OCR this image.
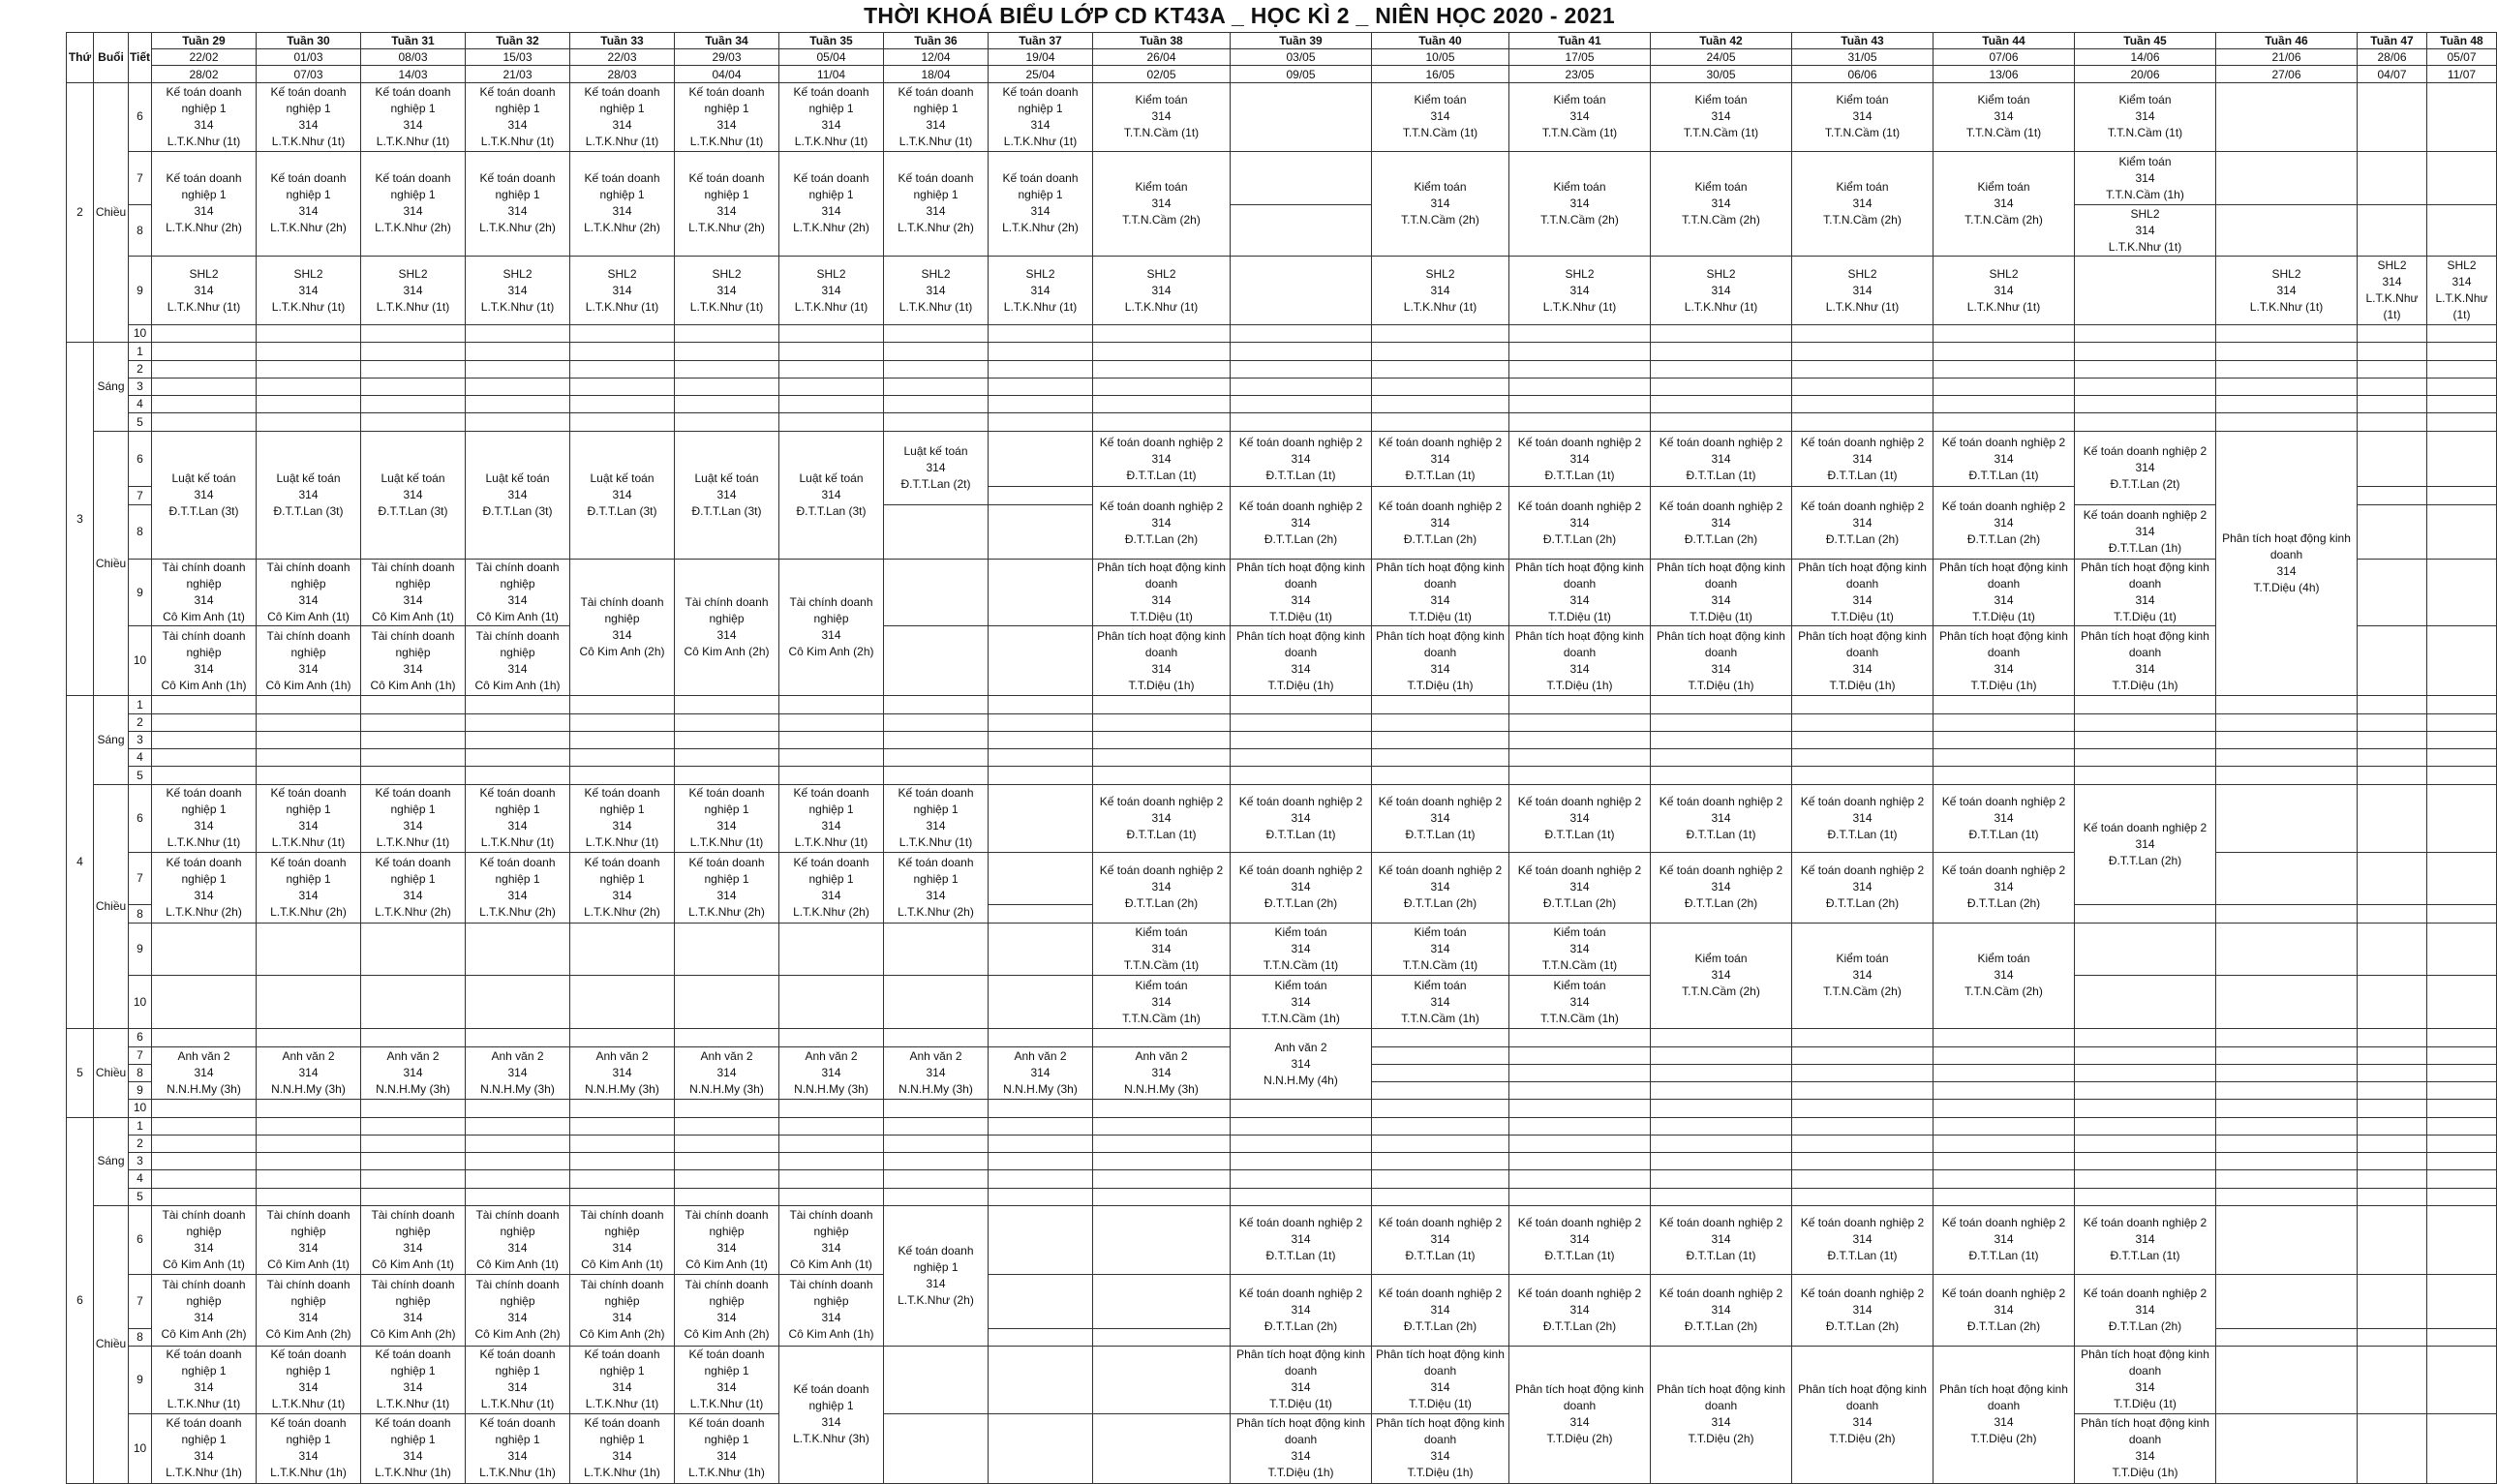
THỜI KHOÁ BIỂU LỚP CD KT43A _ HỌC KÌ 2 _ NIÊN HỌC 2020 - 2021
Thứ	Buổi	Tiết	Tuần 29	Tuần 30	Tuần 31	Tuần 32	Tuần 33	Tuần 34	Tuần 35	Tuần 36	Tuần 37	Tuần 38	Tuần 39	Tuần 40	Tuần 41	Tuần 42	Tuần 43	Tuần 44	Tuần 45	Tuần 46	Tuần 47	Tuần 48
			22/02	01/03	08/03	15/03	22/03	29/03	05/04	12/04	19/04	26/04	03/05	10/05	17/05	24/05	31/05	07/06	14/06	21/06	28/06	05/07
			28/02	07/03	14/03	21/03	28/03	04/04	11/04	18/04	25/04	02/05	09/05	16/05	23/05	30/05	06/06	13/06	20/06	27/06	04/07	11/07
2	Chiều	6	Kế toán doanh
nghiệp 1
314
L.T.K.Như (1t)	Kế toán doanh
nghiệp 1
314
L.T.K.Như (1t)	Kế toán doanh
nghiệp 1
314
L.T.K.Như (1t)	Kế toán doanh
nghiệp 1
314
L.T.K.Như (1t)	Kế toán doanh
nghiệp 1
314
L.T.K.Như (1t)	Kế toán doanh
nghiệp 1
314
L.T.K.Như (1t)	Kế toán doanh
nghiệp 1
314
L.T.K.Như (1t)	Kế toán doanh
nghiệp 1
314
L.T.K.Như (1t)	Kế toán doanh
nghiệp 1
314
L.T.K.Như (1t)	Kiểm toán
314
T.T.N.Cầm (1t)		Kiểm toán
314
T.T.N.Cầm (1t)	Kiểm toán
314
T.T.N.Cầm (1t)	Kiểm toán
314
T.T.N.Cầm (1t)	Kiểm toán
314
T.T.N.Cầm (1t)	Kiểm toán
314
T.T.N.Cầm (1t)	Kiểm toán
314
T.T.N.Cầm (1t)			

		7	Kế toán doanh
nghiệp 1
314
L.T.K.Như (2h)	Kế toán doanh
nghiệp 1
314
L.T.K.Như (2h)	Kế toán doanh
nghiệp 1
314
L.T.K.Như (2h)	Kế toán doanh
nghiệp 1
314
L.T.K.Như (2h)	Kế toán doanh
nghiệp 1
314
L.T.K.Như (2h)	Kế toán doanh
nghiệp 1
314
L.T.K.Như (2h)	Kế toán doanh
nghiệp 1
314
L.T.K.Như (2h)	Kế toán doanh
nghiệp 1
314
L.T.K.Như (2h)	Kế toán doanh
nghiệp 1
314
L.T.K.Như (2h)	Kiểm toán
314
T.T.N.Cầm (2h)		Kiểm toán
314
T.T.N.Cầm (2h)	Kiểm toán
314
T.T.N.Cầm (2h)	Kiểm toán
314
T.T.N.Cầm (2h)	Kiểm toán
314
T.T.N.Cầm (2h)	Kiểm toán
314
T.T.N.Cầm (2h)	Kiểm toán
314
T.T.N.Cầm (1h)			

		8																	SHL2
314
L.T.K.Như (1t)			

		9	SHL2
314
L.T.K.Như (1t)	SHL2
314
L.T.K.Như (1t)	SHL2
314
L.T.K.Như (1t)	SHL2
314
L.T.K.Như (1t)	SHL2
314
L.T.K.Như (1t)	SHL2
314
L.T.K.Như (1t)	SHL2
314
L.T.K.Như (1t)	SHL2
314
L.T.K.Như (1t)	SHL2
314
L.T.K.Như (1t)	SHL2
314
L.T.K.Như (1t)		SHL2
314
L.T.K.Như (1t)	SHL2
314
L.T.K.Như (1t)	SHL2
314
L.T.K.Như (1t)	SHL2
314
L.T.K.Như (1t)	SHL2
314
L.T.K.Như (1t)		SHL2
314
L.T.K.Như (1t)	SHL2
314
L.T.K.Như
(1t)	SHL2
314
L.T.K.Như
(1t)

		10																				
3	Sáng	1																				
		2																				
		3																				
		4																				
		5																				
	Chiều	6	Luật kế toán
314
Đ.T.T.Lan (3t)	Luật kế toán
314
Đ.T.T.Lan (3t)	Luật kế toán
314
Đ.T.T.Lan (3t)	Luật kế toán
314
Đ.T.T.Lan (3t)	Luật kế toán
314
Đ.T.T.Lan (3t)	Luật kế toán
314
Đ.T.T.Lan (3t)	Luật kế toán
314
Đ.T.T.Lan (3t)	Luật kế toán
314
Đ.T.T.Lan (2t)		Kế toán doanh nghiệp 2
314
Đ.T.T.Lan (1t)	Kế toán doanh nghiệp 2
314
Đ.T.T.Lan (1t)	Kế toán doanh nghiệp 2
314
Đ.T.T.Lan (1t)	Kế toán doanh nghiệp 2
314
Đ.T.T.Lan (1t)	Kế toán doanh nghiệp 2
314
Đ.T.T.Lan (1t)	Kế toán doanh nghiệp 2
314
Đ.T.T.Lan (1t)	Kế toán doanh nghiệp 2
314
Đ.T.T.Lan (1t)	Kế toán doanh nghiệp 2
314
Đ.T.T.Lan (2t)	Phân tích hoạt động kinh
doanh
314
T.T.Diệu (4h)		

		7										Kế toán doanh nghiệp 2
314
Đ.T.T.Lan (2h)	Kế toán doanh nghiệp 2
314
Đ.T.T.Lan (2h)	Kế toán doanh nghiệp 2
314
Đ.T.T.Lan (2h)	Kế toán doanh nghiệp 2
314
Đ.T.T.Lan (2h)	Kế toán doanh nghiệp 2
314
Đ.T.T.Lan (2h)	Kế toán doanh nghiệp 2
314
Đ.T.T.Lan (2h)	Kế toán doanh nghiệp 2
314
Đ.T.T.Lan (2h)				

		8																	Kế toán doanh nghiệp 2
314
Đ.T.T.Lan (1h)			

		9	Tài chính doanh
nghiệp
314
Cô Kim Anh (1t)	Tài chính doanh
nghiệp
314
Cô Kim Anh (1t)	Tài chính doanh
nghiệp
314
Cô Kim Anh (1t)	Tài chính doanh
nghiệp
314
Cô Kim Anh (1t)	Tài chính doanh
nghiệp
314
Cô Kim Anh (2h)	Tài chính doanh
nghiệp
314
Cô Kim Anh (2h)	Tài chính doanh
nghiệp
314
Cô Kim Anh (2h)			Phân tích hoạt động kinh
doanh
314
T.T.Diệu (1t)	Phân tích hoạt động kinh
doanh
314
T.T.Diệu (1t)	Phân tích hoạt động kinh
doanh
314
T.T.Diệu (1t)	Phân tích hoạt động kinh
doanh
314
T.T.Diệu (1t)	Phân tích hoạt động kinh
doanh
314
T.T.Diệu (1t)	Phân tích hoạt động kinh
doanh
314
T.T.Diệu (1t)	Phân tích hoạt động kinh
doanh
314
T.T.Diệu (1t)	Phân tích hoạt động kinh
doanh
314
T.T.Diệu (1t)			

		10	Tài chính doanh
nghiệp
314
Cô Kim Anh (1h)	Tài chính doanh
nghiệp
314
Cô Kim Anh (1h)	Tài chính doanh
nghiệp
314
Cô Kim Anh (1h)	Tài chính doanh
nghiệp
314
Cô Kim Anh (1h)						Phân tích hoạt động kinh
doanh
314
T.T.Diệu (1h)	Phân tích hoạt động kinh
doanh
314
T.T.Diệu (1h)	Phân tích hoạt động kinh
doanh
314
T.T.Diệu (1h)	Phân tích hoạt động kinh
doanh
314
T.T.Diệu (1h)	Phân tích hoạt động kinh
doanh
314
T.T.Diệu (1h)	Phân tích hoạt động kinh
doanh
314
T.T.Diệu (1h)	Phân tích hoạt động kinh
doanh
314
T.T.Diệu (1h)	Phân tích hoạt động kinh
doanh
314
T.T.Diệu (1h)			

4	Sáng	1																				
		2																				
		3																				
		4																				
		5																				
	Chiều	6	Kế toán doanh
nghiệp 1
314
L.T.K.Như (1t)	Kế toán doanh
nghiệp 1
314
L.T.K.Như (1t)	Kế toán doanh
nghiệp 1
314
L.T.K.Như (1t)	Kế toán doanh
nghiệp 1
314
L.T.K.Như (1t)	Kế toán doanh
nghiệp 1
314
L.T.K.Như (1t)	Kế toán doanh
nghiệp 1
314
L.T.K.Như (1t)	Kế toán doanh
nghiệp 1
314
L.T.K.Như (1t)	Kế toán doanh
nghiệp 1
314
L.T.K.Như (1t)		Kế toán doanh nghiệp 2
314
Đ.T.T.Lan (1t)	Kế toán doanh nghiệp 2
314
Đ.T.T.Lan (1t)	Kế toán doanh nghiệp 2
314
Đ.T.T.Lan (1t)	Kế toán doanh nghiệp 2
314
Đ.T.T.Lan (1t)	Kế toán doanh nghiệp 2
314
Đ.T.T.Lan (1t)	Kế toán doanh nghiệp 2
314
Đ.T.T.Lan (1t)	Kế toán doanh nghiệp 2
314
Đ.T.T.Lan (1t)	Kế toán doanh nghiệp 2
314
Đ.T.T.Lan (2h)			

		7	Kế toán doanh
nghiệp 1
314
L.T.K.Như (2h)	Kế toán doanh
nghiệp 1
314
L.T.K.Như (2h)	Kế toán doanh
nghiệp 1
314
L.T.K.Như (2h)	Kế toán doanh
nghiệp 1
314
L.T.K.Như (2h)	Kế toán doanh
nghiệp 1
314
L.T.K.Như (2h)	Kế toán doanh
nghiệp 1
314
L.T.K.Như (2h)	Kế toán doanh
nghiệp 1
314
L.T.K.Như (2h)	Kế toán doanh
nghiệp 1
314
L.T.K.Như (2h)		Kế toán doanh nghiệp 2
314
Đ.T.T.Lan (2h)	Kế toán doanh nghiệp 2
314
Đ.T.T.Lan (2h)	Kế toán doanh nghiệp 2
314
Đ.T.T.Lan (2h)	Kế toán doanh nghiệp 2
314
Đ.T.T.Lan (2h)	Kế toán doanh nghiệp 2
314
Đ.T.T.Lan (2h)	Kế toán doanh nghiệp 2
314
Đ.T.T.Lan (2h)	Kế toán doanh nghiệp 2
314
Đ.T.T.Lan (2h)				

		8																				
		9										Kiểm toán
314
T.T.N.Cầm (1t)	Kiểm toán
314
T.T.N.Cầm (1t)	Kiểm toán
314
T.T.N.Cầm (1t)	Kiểm toán
314
T.T.N.Cầm (1t)	Kiểm toán
314
T.T.N.Cầm (2h)	Kiểm toán
314
T.T.N.Cầm (2h)	Kiểm toán
314
T.T.N.Cầm (2h)				

		10										Kiểm toán
314
T.T.N.Cầm (1h)	Kiểm toán
314
T.T.N.Cầm (1h)	Kiểm toán
314
T.T.N.Cầm (1h)	Kiểm toán
314
T.T.N.Cầm (1h)							

5	Chiều	6											Anh văn 2
314
N.N.H.My (4h)									

		7	Anh văn 2
314
N.N.H.My (3h)	Anh văn 2
314
N.N.H.My (3h)	Anh văn 2
314
N.N.H.My (3h)	Anh văn 2
314
N.N.H.My (3h)	Anh văn 2
314
N.N.H.My (3h)	Anh văn 2
314
N.N.H.My (3h)	Anh văn 2
314
N.N.H.My (3h)	Anh văn 2
314
N.N.H.My (3h)	Anh văn 2
314
N.N.H.My (3h)	Anh văn 2
314
N.N.H.My (3h)										

		8																				
		9																				
		10																				
6	Sáng	1																				
		2																				
		3																				
		4																				
		5																				
	Chiều	6	Tài chính doanh
nghiệp
314
Cô Kim Anh (1t)	Tài chính doanh
nghiệp
314
Cô Kim Anh (1t)	Tài chính doanh
nghiệp
314
Cô Kim Anh (1t)	Tài chính doanh
nghiệp
314
Cô Kim Anh (1t)	Tài chính doanh
nghiệp
314
Cô Kim Anh (1t)	Tài chính doanh
nghiệp
314
Cô Kim Anh (1t)	Tài chính doanh
nghiệp
314
Cô Kim Anh (1t)	Kế toán doanh
nghiệp 1
314
L.T.K.Như (2h)			Kế toán doanh nghiệp 2
314
Đ.T.T.Lan (1t)	Kế toán doanh nghiệp 2
314
Đ.T.T.Lan (1t)	Kế toán doanh nghiệp 2
314
Đ.T.T.Lan (1t)	Kế toán doanh nghiệp 2
314
Đ.T.T.Lan (1t)	Kế toán doanh nghiệp 2
314
Đ.T.T.Lan (1t)	Kế toán doanh nghiệp 2
314
Đ.T.T.Lan (1t)	Kế toán doanh nghiệp 2
314
Đ.T.T.Lan (1t)			

		7	Tài chính doanh
nghiệp
314
Cô Kim Anh (2h)	Tài chính doanh
nghiệp
314
Cô Kim Anh (2h)	Tài chính doanh
nghiệp
314
Cô Kim Anh (2h)	Tài chính doanh
nghiệp
314
Cô Kim Anh (2h)	Tài chính doanh
nghiệp
314
Cô Kim Anh (2h)	Tài chính doanh
nghiệp
314
Cô Kim Anh (2h)	Tài chính doanh
nghiệp
314
Cô Kim Anh (1h)				Kế toán doanh nghiệp 2
314
Đ.T.T.Lan (2h)	Kế toán doanh nghiệp 2
314
Đ.T.T.Lan (2h)	Kế toán doanh nghiệp 2
314
Đ.T.T.Lan (2h)	Kế toán doanh nghiệp 2
314
Đ.T.T.Lan (2h)	Kế toán doanh nghiệp 2
314
Đ.T.T.Lan (2h)	Kế toán doanh nghiệp 2
314
Đ.T.T.Lan (2h)	Kế toán doanh nghiệp 2
314
Đ.T.T.Lan (2h)			

		8																				
		9	Kế toán doanh
nghiệp 1
314
L.T.K.Như (1t)	Kế toán doanh
nghiệp 1
314
L.T.K.Như (1t)	Kế toán doanh
nghiệp 1
314
L.T.K.Như (1t)	Kế toán doanh
nghiệp 1
314
L.T.K.Như (1t)	Kế toán doanh
nghiệp 1
314
L.T.K.Như (1t)	Kế toán doanh
nghiệp 1
314
L.T.K.Như (1t)	Kế toán doanh
nghiệp 1
314
L.T.K.Như (3h)				Phân tích hoạt động kinh
doanh
314
T.T.Diệu (1t)	Phân tích hoạt động kinh
doanh
314
T.T.Diệu (1t)	Phân tích hoạt động kinh
doanh
314
T.T.Diệu (2h)	Phân tích hoạt động kinh
doanh
314
T.T.Diệu (2h)	Phân tích hoạt động kinh
doanh
314
T.T.Diệu (2h)	Phân tích hoạt động kinh
doanh
314
T.T.Diệu (2h)	Phân tích hoạt động kinh
doanh
314
T.T.Diệu (1t)			

		10	Kế toán doanh
nghiệp 1
314
L.T.K.Như (1h)	Kế toán doanh
nghiệp 1
314
L.T.K.Như (1h)	Kế toán doanh
nghiệp 1
314
L.T.K.Như (1h)	Kế toán doanh
nghiệp 1
314
L.T.K.Như (1h)	Kế toán doanh
nghiệp 1
314
L.T.K.Như (1h)	Kế toán doanh
nghiệp 1
314
L.T.K.Như (1h)					Phân tích hoạt động kinh
doanh
314
T.T.Diệu (1h)	Phân tích hoạt động kinh
doanh
314
T.T.Diệu (1h)					Phân tích hoạt động kinh
doanh
314
T.T.Diệu (1h)			
